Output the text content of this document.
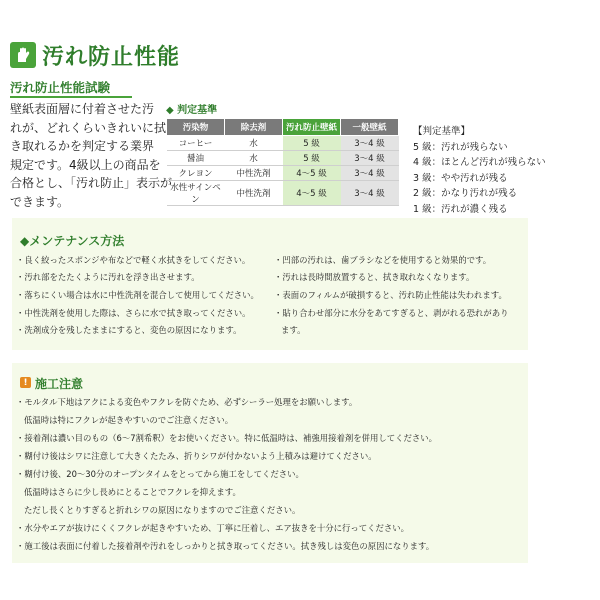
汚れ防止性能
汚れ防止性能試験
壁紙表面層に付着させた汚
れが、どれくらいきれいに拭
き取れるかを判定する業界
規定です。4級以上の商品を
合格とし、「汚れ防止」表示が
できます。
◆ 判定基準
汚染物	除去剤	汚れ防止壁紙	一般壁紙
コーヒー	水	5 級	3〜4 級
醤油	水	5 級	3〜4 級
クレヨン	中性洗剤	4〜5 級	3〜4 級
水性サインペン	中性洗剤	4〜5 級	3〜4 級
【判定基準】
5 級：汚れが残らない
4 級：ほとんど汚れが残らない
3 級：やや汚れが残る
2 級：かなり汚れが残る
1 級：汚れが濃く残る
◆メンテナンス方法
・良く絞ったスポンジや布などで軽く水拭きをしてください。
・汚れ部をたたくように汚れを浮き出させます。
・落ちにくい場合は水に中性洗剤を混合して使用してください。
・中性洗剤を使用した際は、さらに水で拭き取ってください。
・洗剤成分を残したままにすると、変色の原因になります。
・凹部の汚れは、歯ブラシなどを使用すると効果的です。
・汚れは長時間放置すると、拭き取れなくなります。
・表面のフィルムが破損すると、汚れ防止性能は失われます。
・貼り合わせ部分に水分をあてすぎると、剥がれる恐れがあり
ます。
! 施工注意
・モルタル下地はアクによる変色やフクレを防ぐため、必ずシーラー処理をお願いします。
低温時は特にフクレが起きやすいのでご注意ください。
・接着剤は濃い目のもの（6〜7割希釈）をお使いください。特に低温時は、補強用接着剤を併用してください。
・糊付け後はシワに注意して大きくたたみ、折りシワが付かないよう上積みは避けてください。
・糊付け後、20〜30分のオープンタイムをとってから施工をしてください。
低温時はさらに少し長めにとることでフクレを抑えます。
ただし長くとりすぎると折れシワの原因になりますのでご注意ください。
・水分やエアが抜けにくくフクレが起きやすいため、丁寧に圧着し、エア抜きを十分に行ってください。
・施工後は表面に付着した接着剤や汚れをしっかりと拭き取ってください。拭き残しは変色の原因になります。
